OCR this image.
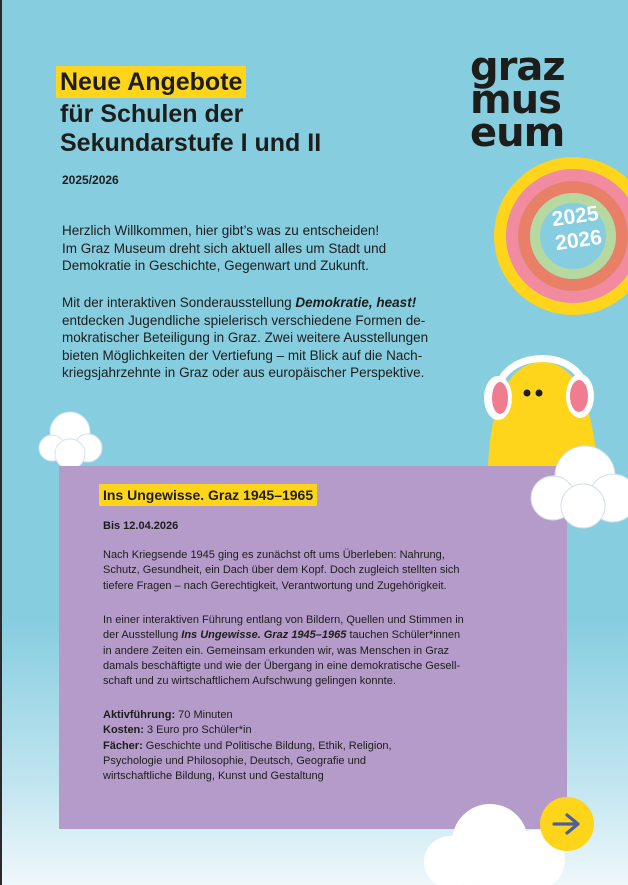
Neue Angebote
für Schulen der
Sekundarstufe I und II
2025/2026

Herzlich Willkommen, hier gibt’s was zu entscheiden!

Im Graz Museum dreht sich aktuell alles um Stadt und

Demokratie in Geschichte, Gegenwart und Zukunft.

Mit der interaktiven Sonderausstellung Demokratie, heast!

entdecken Jugendliche spielerisch verschiedene Formen de-

mokratischer Beteiligung in Graz. Zwei weitere Ausstellungen

bieten Möglichkeiten der Vertiefung – mit Blick auf die Nach-

kriegsjahrzehnte in Graz oder aus europäischer Perspektive.

graz
mus
eum
2025
2026
Ins Ungewisse. Graz 1945–1965
Bis 12.04.2026

Nach Kriegsende 1945 ging es zunächst oft ums Überleben: Nahrung,

Schutz, Gesundheit, ein Dach über dem Kopf. Doch zugleich stellten sich

tiefere Fragen – nach Gerechtigkeit, Verantwortung und Zugehörigkeit.

In einer interaktiven Führung entlang von Bildern, Quellen und Stimmen in

der Ausstellung Ins Ungewisse. Graz 1945–1965 tauchen Schüler*innen

in andere Zeiten ein. Gemeinsam erkunden wir, was Menschen in Graz

damals beschäftigte und wie der Übergang in eine demokratische Gesell-

schaft und zu wirtschaftlichem Aufschwung gelingen konnte.

Aktivführung: 70 Minuten

Kosten: 3 Euro pro Schüler*in

Fächer: Geschichte und Politische Bildung, Ethik, Religion,

Psychologie und Philosophie, Deutsch, Geografie und

wirtschaftliche Bildung, Kunst und Gestaltung
